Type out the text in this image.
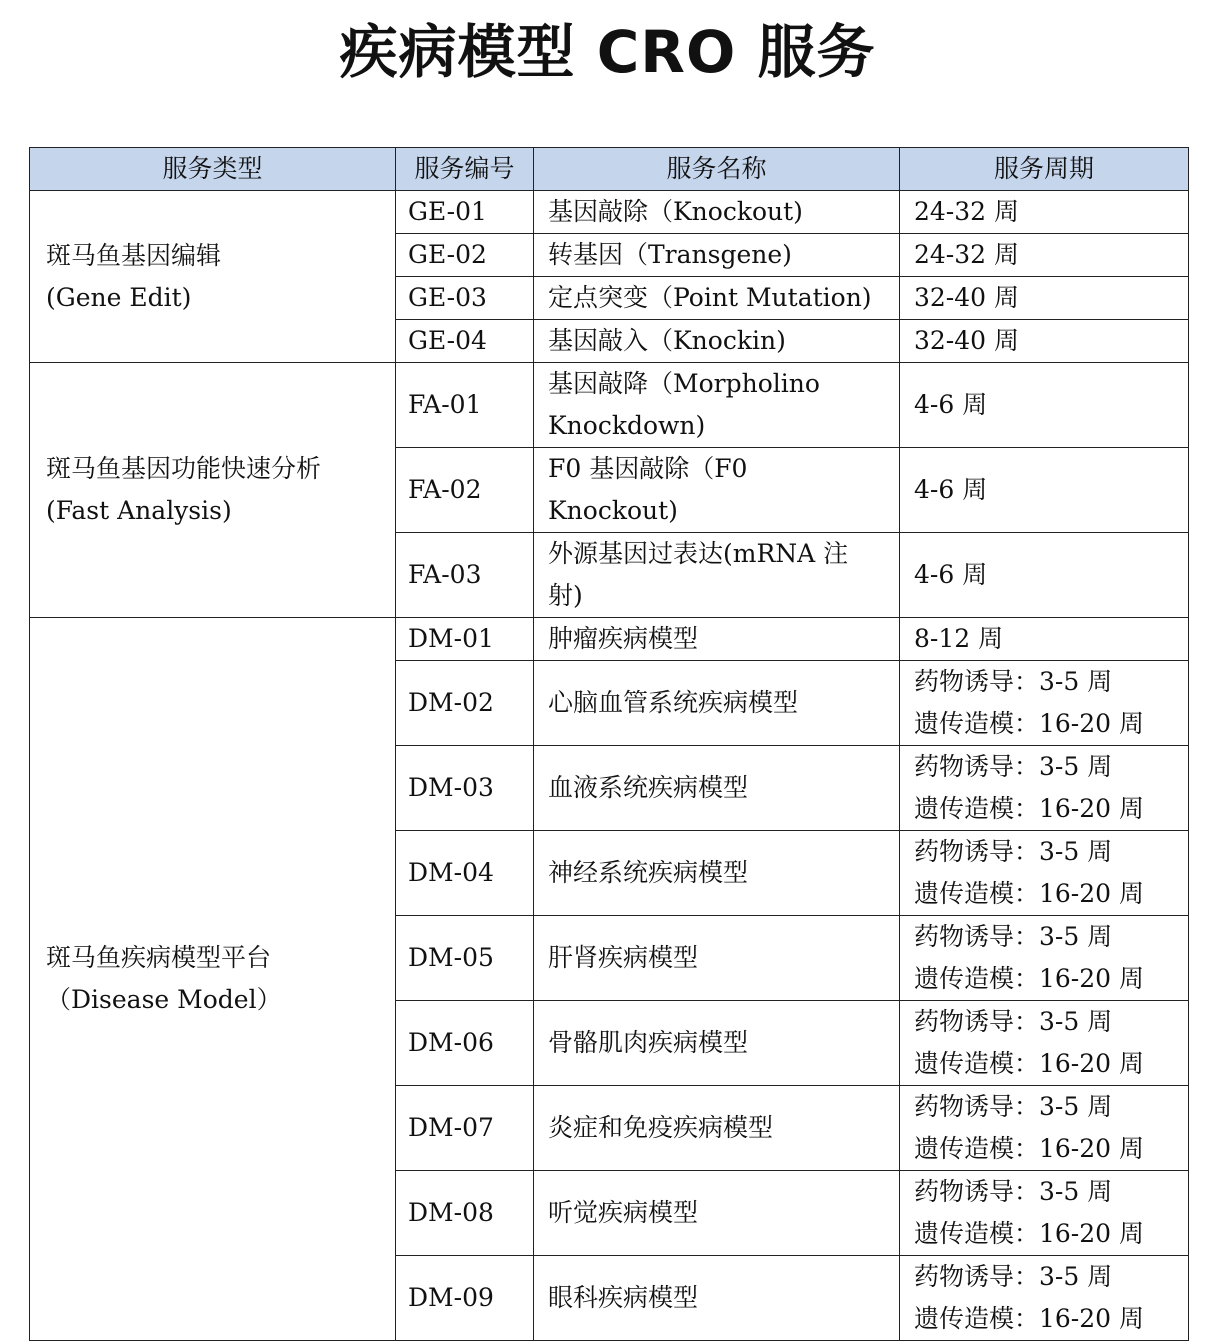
疾病模型 CRO 服务
服务类型	服务编号	服务名称	服务周期

斑马鱼基因编辑
(Gene Edit)	GE-01	基因敲除（Knockout)	24-32 周

	GE-02	转基因（Transgene)	24-32 周

	GE-03	定点突变（Point Mutation)	32-40 周

	GE-04	基因敲入（Knockin)	32-40 周

斑马鱼基因功能快速分析
(Fast Analysis)	FA-01	基因敲降（Morpholino
Knockdown)	4-6 周

	FA-02	F0 基因敲除（F0 Knockout)	4-6 周

	FA-03	外源基因过表达(mRNA 注
射)	4-6 周

斑马鱼疾病模型平台
（Disease Model）	DM-01	肿瘤疾病模型	8-12 周

	DM-02	心脑血管系统疾病模型	药物诱导：3-5 周
遗传造模：16-20 周

	DM-03	血液系统疾病模型	药物诱导：3-5 周
遗传造模：16-20 周

	DM-04	神经系统疾病模型	药物诱导：3-5 周
遗传造模：16-20 周

	DM-05	肝肾疾病模型	药物诱导：3-5 周
遗传造模：16-20 周

	DM-06	骨骼肌肉疾病模型	药物诱导：3-5 周
遗传造模：16-20 周

	DM-07	炎症和免疫疾病模型	药物诱导：3-5 周
遗传造模：16-20 周

	DM-08	听觉疾病模型	药物诱导：3-5 周
遗传造模：16-20 周

	DM-09	眼科疾病模型	药物诱导：3-5 周
遗传造模：16-20 周
